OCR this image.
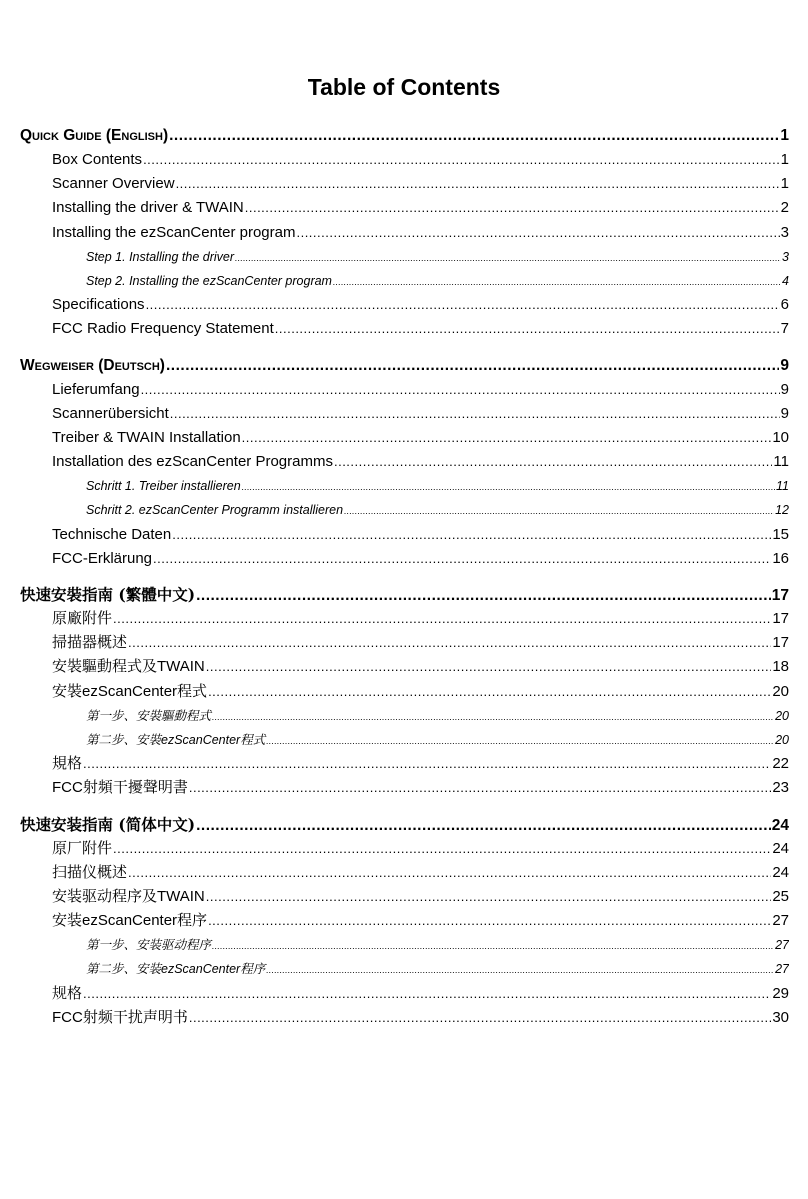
Table of Contents
Quick Guide (English) .....	1
Box Contents .....	1
Scanner Overview .....	1
Installing the driver & TWAIN .....	2
Installing the ezScanCenter program .....	3
Step 1. Installing the driver .....	3
Step 2. Installing the ezScanCenter program .....	4
Specifications .....	6
FCC Radio Frequency Statement .....	7
Wegweiser (Deutsch) .....	9
Lieferumfang .....	9
Scannerübersicht .....	9
Treiber & TWAIN Installation .....	10
Installation des ezScanCenter Programms .....	11
Schritt 1. Treiber installieren .....	11
Schritt 2. ezScanCenter Programm installieren .....	12
Technische Daten .....	15
FCC-Erklärung .....	16
快速安裝指南 (繁體中文) .....	17
原廠附件 .....	17
掃描器概述 .....	17
安裝驅動程式及TWAIN .....	18
安裝ezScanCenter程式 .....	20
第一步、安裝驅動程式 .....	20
第二步、安裝ezScanCenter程式 .....	20
規格 .....	22
FCC射頻干擾聲明書 .....	23
快速安装指南 (简体中文) .....	24
原厂附件 .....	24
扫描仪概述 .....	24
安装驱动程序及TWAIN .....	25
安装ezScanCenter程序 .....	27
第一步、安装驱动程序 .....	27
第二步、安装ezScanCenter程序 .....	27
规格 .....	29
FCC射频干扰声明书 .....	30
